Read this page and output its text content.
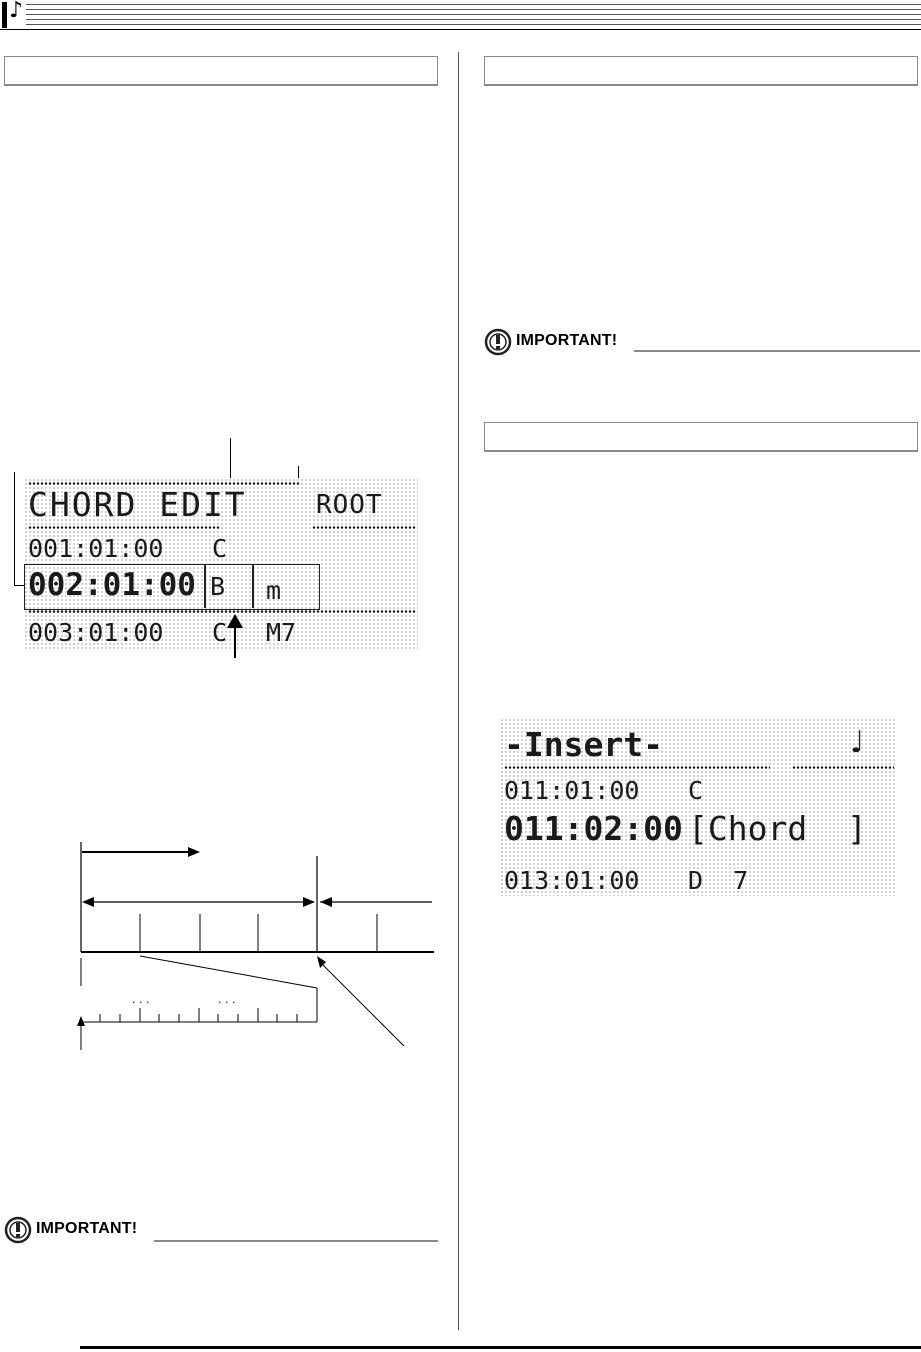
♪
IMPORTANT!
IMPORTANT!
CHORD EDIT	ROOT
001:01:00 C
002:01:00 B m
003:01:00 C M7
· · ·	· · ·
-Insert-	♩
011:01:00 C
011:02:00 [Chord  ]
013:01:00 D  7
